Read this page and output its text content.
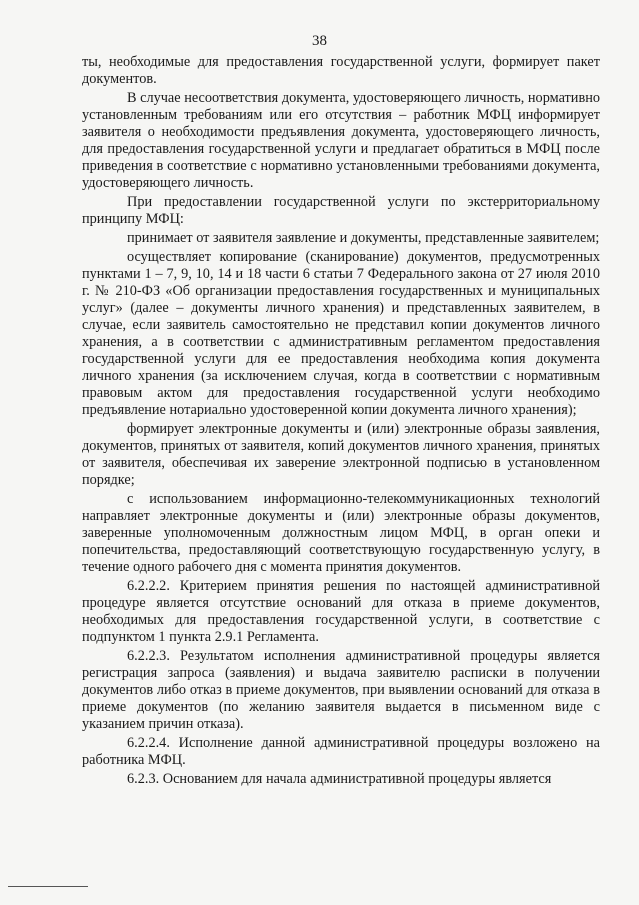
38

ты, необходимые для предоставления государственной услуги, формирует пакет документов.

В случае несоответствия документа, удостоверяющего личность, нормативно установленным требованиям или его отсутствия – работник МФЦ информирует заявителя о необходимости предъявления документа, удостоверяющего личность, для предоставления государственной услуги и предлагает обратиться в МФЦ после приведения в соответствие с нормативно установленными требованиями документа, удостоверяющего личность.

При предоставлении государственной услуги по экстерриториальному принципу МФЦ:

принимает от заявителя заявление и документы, представленные заявителем;

осуществляет копирование (сканирование) документов, предусмотренных пунктами 1 – 7, 9, 10, 14 и 18 части 6 статьи 7 Федерального закона от 27 июля 2010 г. № 210-ФЗ «Об организации предоставления государственных и муниципальных услуг» (далее – документы личного хранения) и представленных заявителем, в случае, если заявитель самостоятельно не представил копии документов личного хранения, а в соответствии с административным регламентом предоставления государственной услуги для ее предоставления необходима копия документа личного хранения (за исключением случая, когда в соответствии с нормативным правовым актом для предоставления государственной услуги необходимо предъявление нотариально удостоверенной копии документа личного хранения);

формирует электронные документы и (или) электронные образы заявления, документов, принятых от заявителя, копий документов личного хранения, принятых от заявителя, обеспечивая их заверение электронной подписью в установленном порядке;

с использованием информационно-телекоммуникационных технологий направляет электронные документы и (или) электронные образы документов, заверенные уполномоченным должностным лицом МФЦ, в орган опеки и попечительства, предоставляющий соответствующую государственную услугу, в течение одного рабочего дня с момента принятия документов.

6.2.2.2. Критерием принятия решения по настоящей административной процедуре является отсутствие оснований для отказа в приеме документов, необходимых для предоставления государственной услуги, в соответствие с подпунктом 1 пункта 2.9.1 Регламента.

6.2.2.3. Результатом исполнения административной процедуры является регистрация запроса (заявления) и выдача заявителю расписки в получении документов либо отказ в приеме документов, при выявлении оснований для отказа в приеме документов (по желанию заявителя выдается в письменном виде с указанием причин отказа).

6.2.2.4. Исполнение данной административной процедуры возложено на работника МФЦ.

6.2.3. Основанием для начала административной процедуры является
